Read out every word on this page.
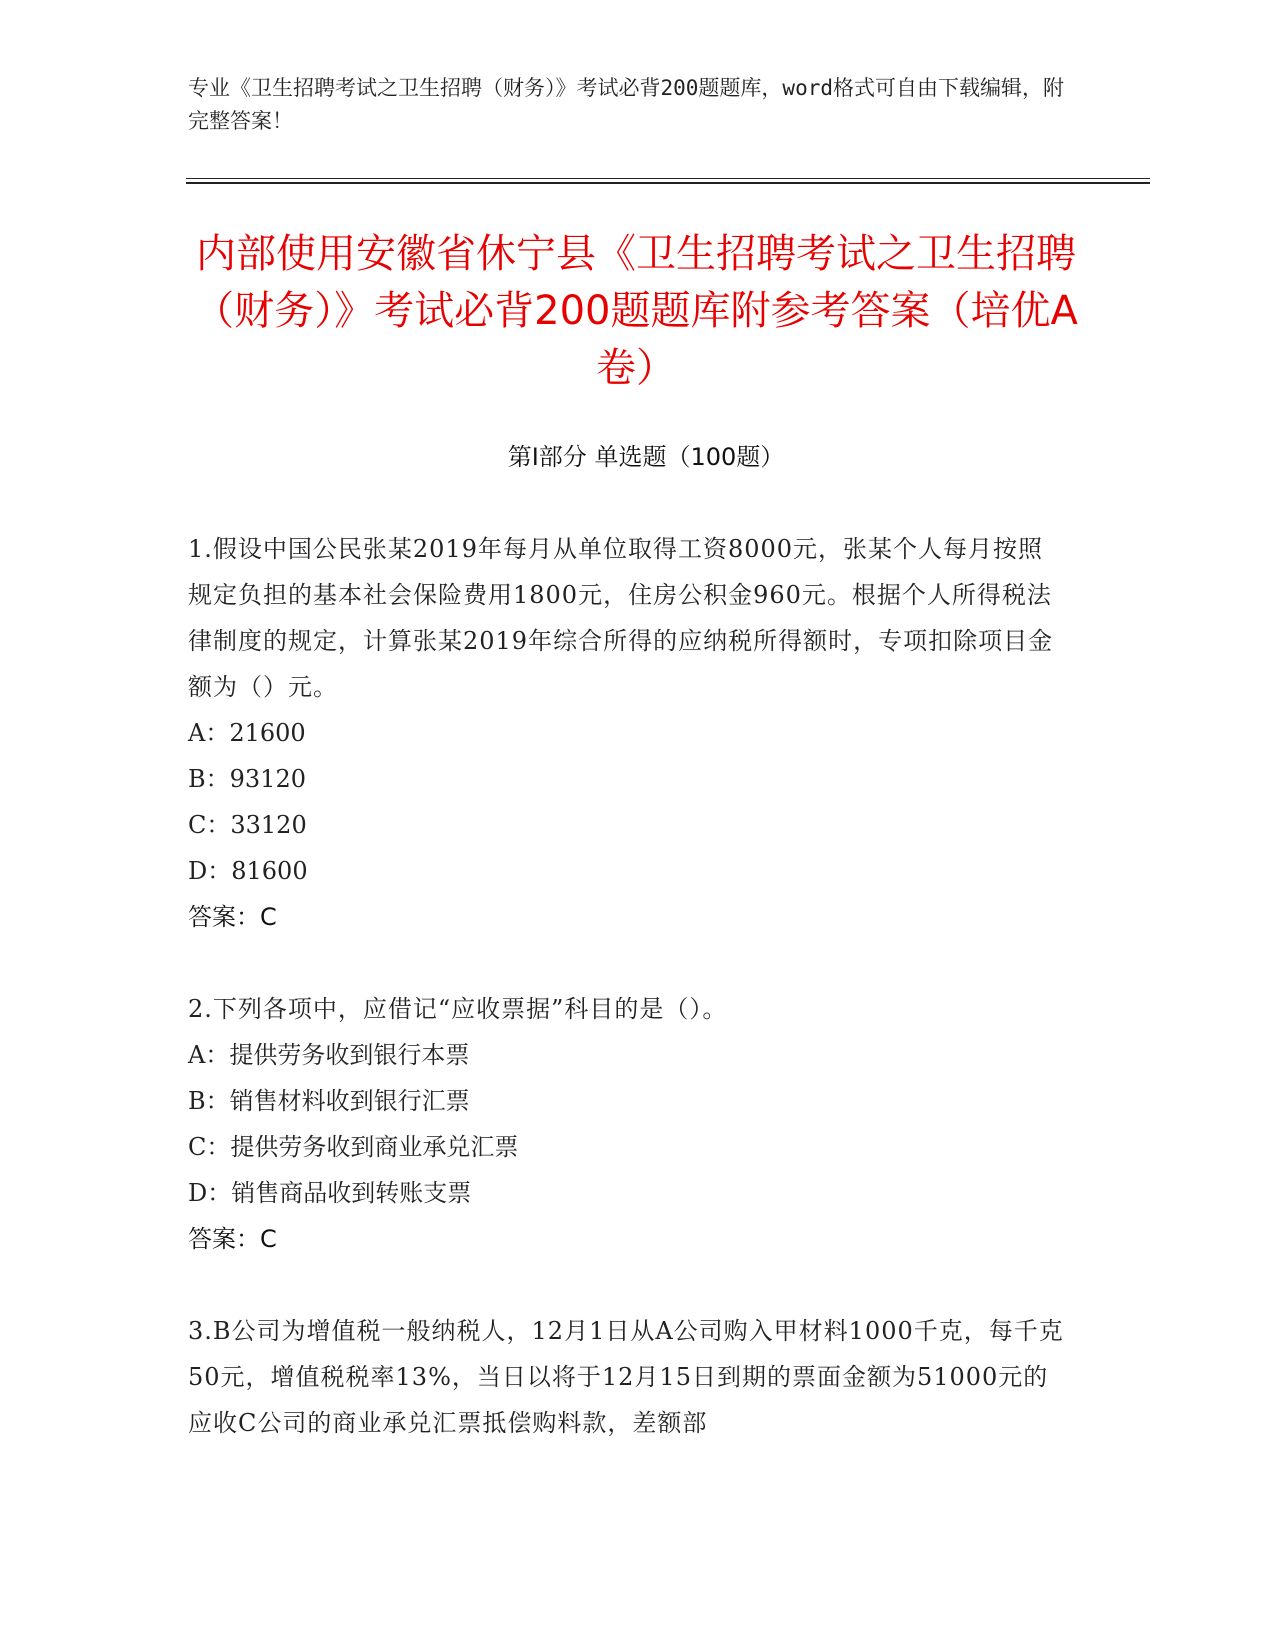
专业《卫生招聘考试之卫生招聘（财务）》考试必背200题题库，word格式可自由下载编辑，附完整答案！
内部使用安徽省休宁县《卫生招聘考试之卫生招聘（财务）》考试必背200题题库附参考答案（培优A卷）
第Ⅰ部分 单选题（100题）
1.假设中国公民张某2019年每月从单位取得工资8000元，张某个人每月按照规定负担的基本社会保险费用1800元，住房公积金960元。根据个人所得税法律制度的规定，计算张某2019年综合所得的应纳税所得额时，专项扣除项目金额为（）元。
A：21600
B：93120
C：33120
D：81600
答案：C
2.下列各项中，应借记“应收票据”科目的是（）。
A：提供劳务收到银行本票
B：销售材料收到银行汇票
C：提供劳务收到商业承兑汇票
D：销售商品收到转账支票
答案：C
3.B公司为增值税一般纳税人，12月1日从A公司购入甲材料1000千克，每千克50元，增值税税率13%，当日以将于12月15日到期的票面金额为51000元的应收C公司的商业承兑汇票抵偿购料款，差额部
